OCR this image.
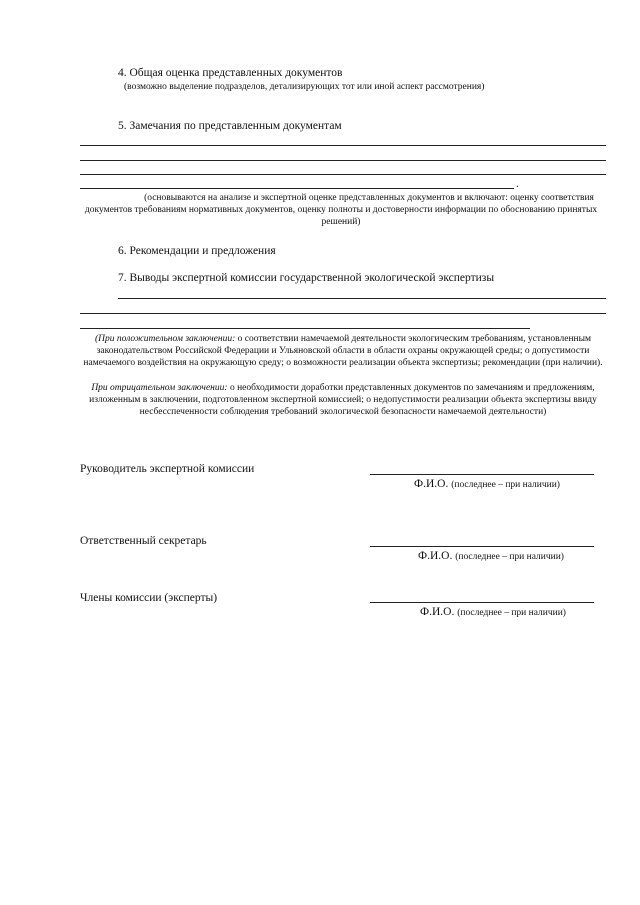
4. Общая оценка представленных документов
(возможно выделение подразделов, детализирующих тот или иной аспект рассмотрения)
5. Замечания по представленным документам
.
(основываются на анализе и экспертной оценке представленных документов и включают: оценку соответствия документов требованиям нормативных документов, оценку полноты и достоверности информации по обоснованию принятых решений)
6. Рекомендации и предложения
7. Выводы экспертной комиссии государственной экологической экспертизы
(При положительном заключении: о соответствии намечаемой деятельности экологическим требованиям, установленным законодательством Российской Федерации и Ульяновской области в области охраны окружающей среды; о допустимости намечаемого воздействия на окружающую среду; о возможности реализации объекта экспертизы; рекомендации (при наличии).
При отрицательном заключении: о необходимости доработки представленных документов по замечаниям и предложениям, изложенным в заключении, подготовленном экспертной комиссией; о недопустимости реализации объекта экспертизы ввиду несбесспеченности соблюдения требований экологической безопасности намечаемой деятельности)
Руководитель экспертной комиссии
Ф.И.О. (последнее – при наличии)
Ответственный секретарь
Ф.И.О. (последнее – при наличии)
Члены комиссии (эксперты)
Ф.И.О. (последнее – при наличии)
